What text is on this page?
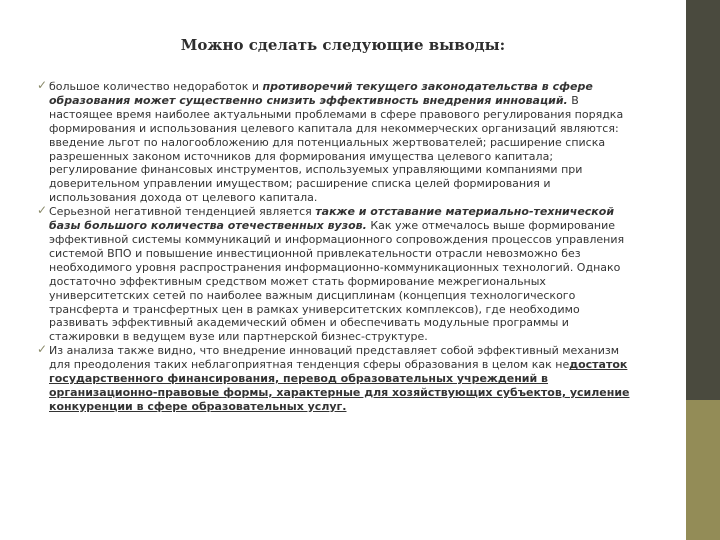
Можно сделать следующие выводы:
✓ большое количество недоработок и противоречий текущего законодательства в сфере образования может существенно снизить эффективность внедрения инноваций. В настоящее время наиболее актуальными проблемами в сфере правового регулирования порядка формирования и использования целевого капитала для некоммерческих организаций являются: введение льгот по налогообложению для потенциальных жертвователей; расширение списка разрешенных законом источников для формирования имущества целевого капитала; регулирование финансовых инструментов, используемых управляющими компаниями при доверительном управлении имуществом; расширение списка целей формирования и использования дохода от целевого капитала.
✓ Серьезной негативной тенденцией является также и отставание материально-технической базы большого количества отечественных вузов. Как уже отмечалось выше формирование эффективной системы коммуникаций и информационного сопровождения процессов управления системой ВПО и повышение инвестиционной привлекательности отрасли невозможно без необходимого уровня распространения информационно-коммуникационных технологий. Однако достаточно эффективным средством может стать формирование межрегиональных университетских сетей по наиболее важным дисциплинам (концепция технологического трансферта и трансфертных цен в рамках университетских комплексов), где необходимо развивать эффективный академический обмен и обеспечивать модульные программы и стажировки в ведущем вузе или партнерской бизнес-структуре.
✓ Из анализа также видно, что внедрение инноваций представляет собой эффективный механизм для преодоления таких неблагоприятная тенденция сферы образования в целом как недостаток государственного финансирования, перевод образовательных учреждений в организационно-правовые формы, характерные для хозяйствующих субъектов, усиление конкуренции в сфере образовательных услуг.
